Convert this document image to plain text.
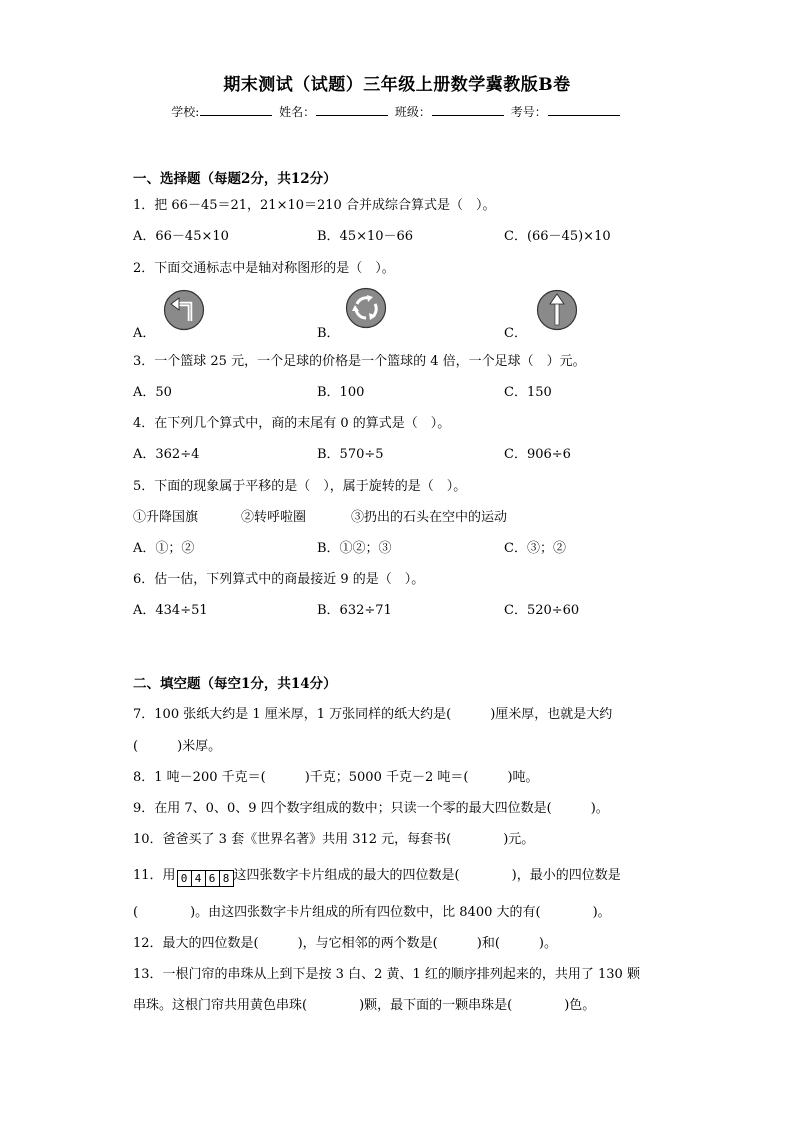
期末测试（试题）三年级上册数学冀教版B卷
学校:	姓名：	班级：	考号：
一、选择题（每题2分，共12分）
1．把 66－45＝21，21×10＝210 合并成综合算式是（　）。
A．66－45×10	B．45×10－66	C．(66－45)×10
2．下面交通标志中是轴对称图形的是（　）。
A．	B．	C．
3．一个篮球 25 元，一个足球的价格是一个篮球的 4 倍，一个足球（　）元。
A．50	B．100	C．150
4．在下列几个算式中，商的末尾有 0 的算式是（　）。
A．362÷4	B．570÷5	C．906÷6
5．下面的现象属于平移的是（　），属于旋转的是（　）。
①升降国旗	②转呼啦圈	③扔出的石头在空中的运动
A．①；②	B．①②；③	C．③；②
6．估一估，下列算式中的商最接近 9 的是（　）。
A．434÷51	B．632÷71	C．520÷60
二、填空题（每空1分，共14分）
7．100 张纸大约是 1 厘米厚，1 万张同样的纸大约是(　　　)厘米厚，也就是大约
(　　　)米厚。
8．1 吨－200 千克＝(　　　)千克；5000 千克－2 吨＝(　　　)吨。
9．在用 7、0、0、9 四个数字组成的数中；只读一个零的最大四位数是(　　　)。
10．爸爸买了 3 套《世界名著》共用 312 元，每套书(　　　　)元。
11．用 0 4 6 8 这四张数字卡片组成的最大的四位数是(　　　　)，最小的四位数是
(　　　　)。由这四张数字卡片组成的所有四位数中，比 8400 大的有(　　　　)。
12．最大的四位数是(　　　)，与它相邻的两个数是(　　　)和(　　　)。
13．一根门帘的串珠从上到下是按 3 白、2 黄、1 红的顺序排列起来的，共用了 130 颗
串珠。这根门帘共用黄色串珠(　　　　)颗，最下面的一颗串珠是(　　　　)色。
